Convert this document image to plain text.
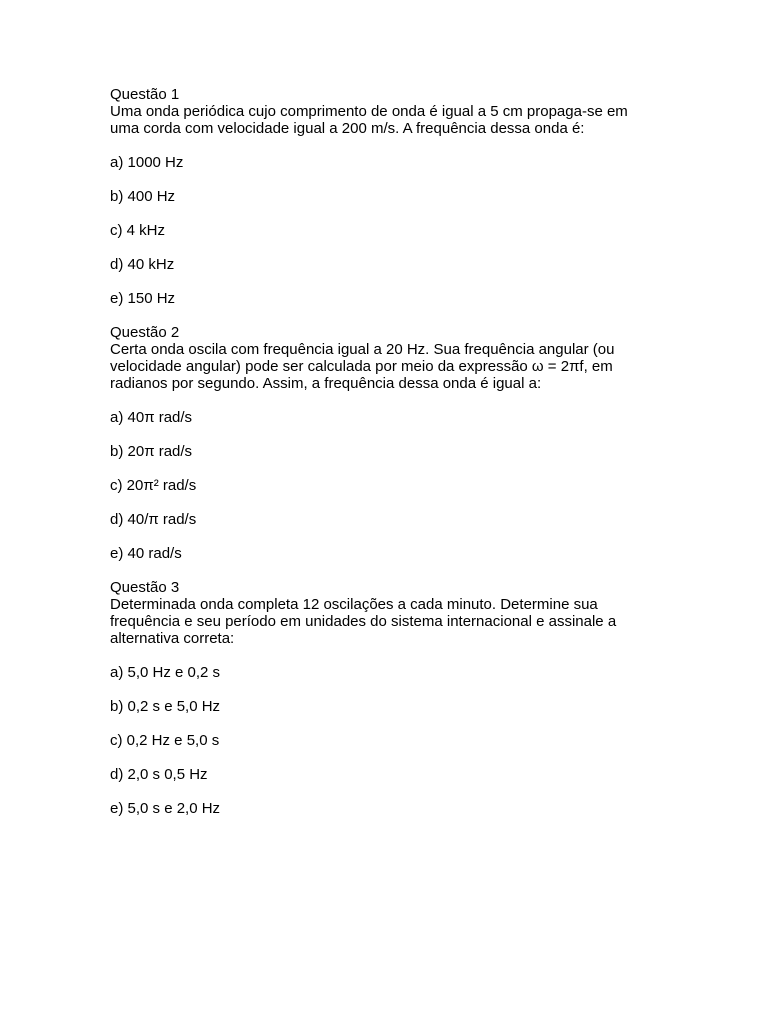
Questão 1
Uma onda periódica cujo comprimento de onda é igual a 5 cm propaga-se em
uma corda com velocidade igual a 200 m/s. A frequência dessa onda é:
a) 1000 Hz
b) 400 Hz
c) 4 kHz
d) 40 kHz
e) 150 Hz
Questão 2
Certa onda oscila com frequência igual a 20 Hz. Sua frequência angular (ou
velocidade angular) pode ser calculada por meio da expressão ω = 2πf, em
radianos por segundo. Assim, a frequência dessa onda é igual a:
a) 40π rad/s
b) 20π rad/s
c) 20π² rad/s
d) 40/π rad/s
e) 40 rad/s
Questão 3
Determinada onda completa 12 oscilações a cada minuto. Determine sua
frequência e seu período em unidades do sistema internacional e assinale a
alternativa correta:
a) 5,0 Hz e 0,2 s
b) 0,2 s e 5,0 Hz
c) 0,2 Hz e 5,0 s
d) 2,0 s 0,5 Hz
e) 5,0 s e 2,0 Hz
